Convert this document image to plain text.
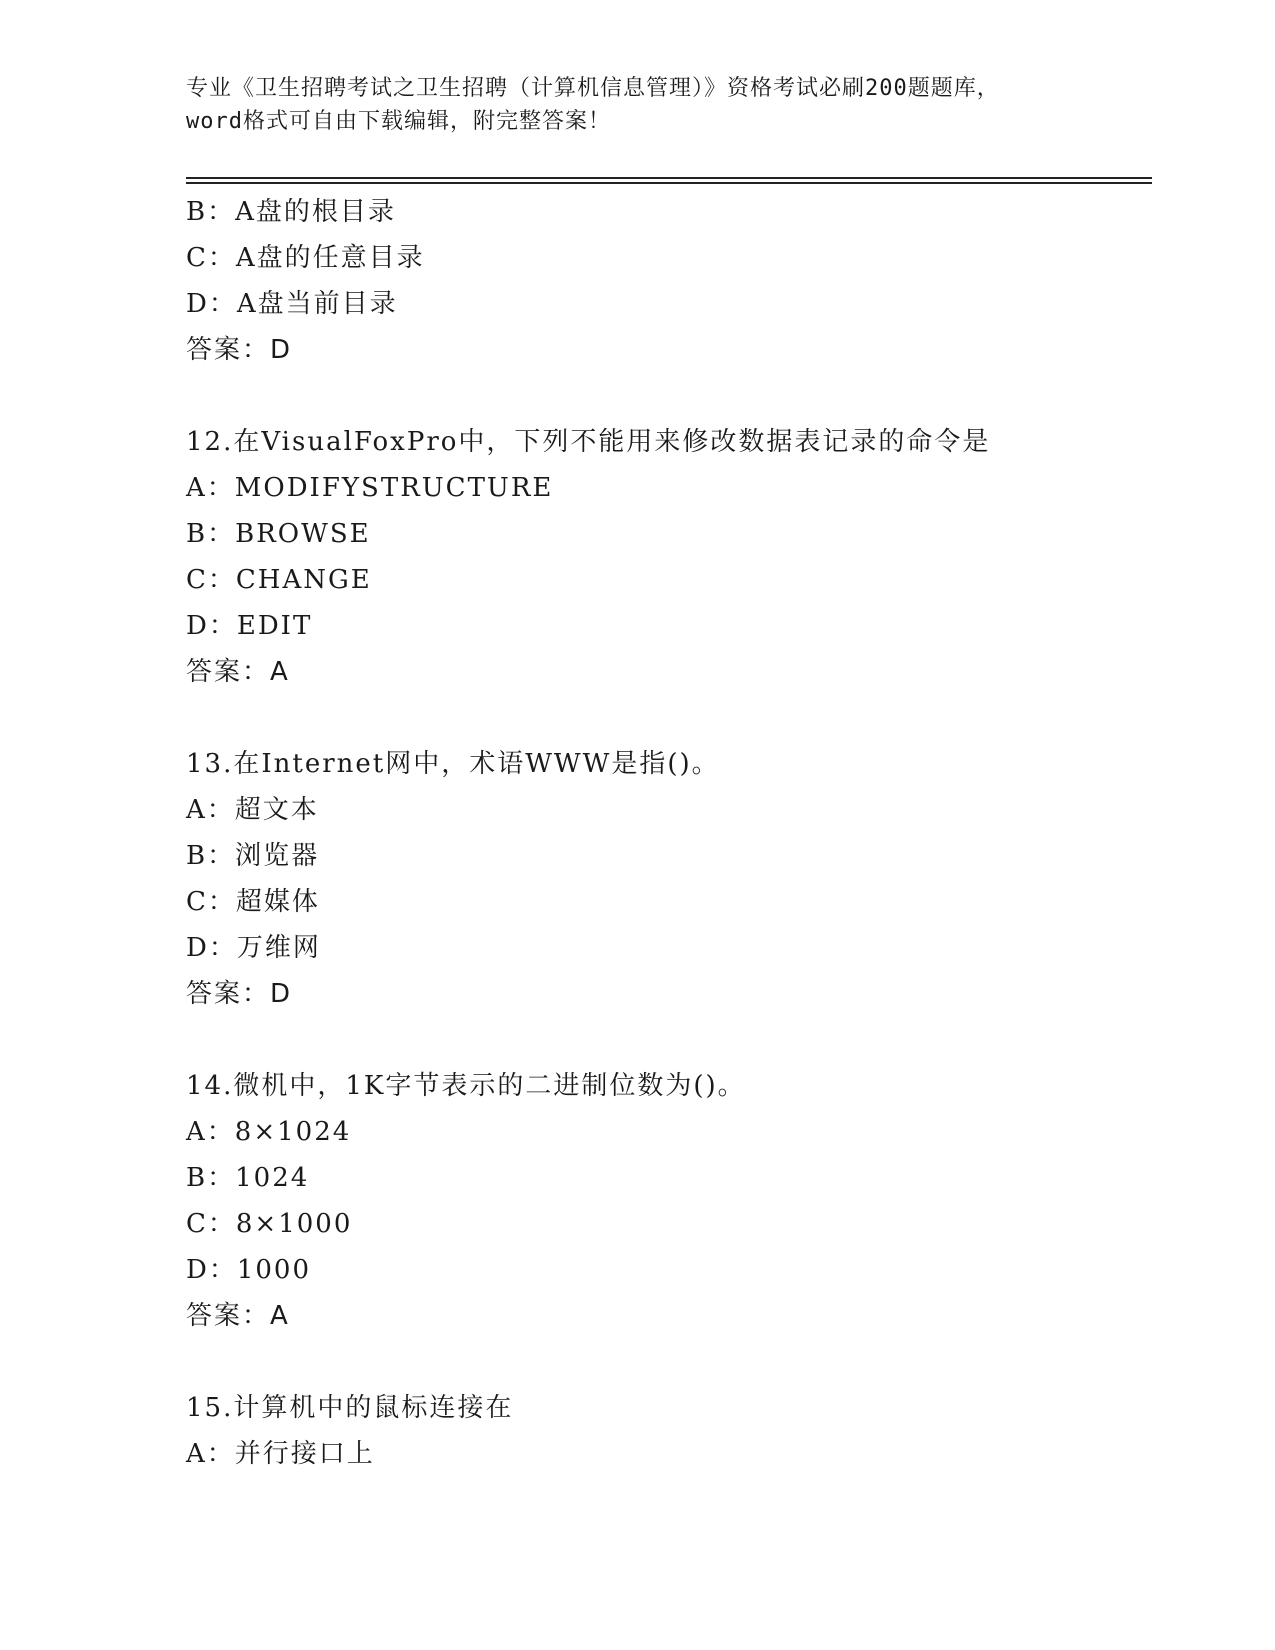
专业《卫生招聘考试之卫生招聘（计算机信息管理）》资格考试必刷200题题库，
word格式可自由下载编辑，附完整答案！
B：A盘的根目录
C：A盘的任意目录
D：A盘当前目录
答案：D
12.在VisualFoxPro中，下列不能用来修改数据表记录的命令是
A：MODIFYSTRUCTURE
B：BROWSE
C：CHANGE
D：EDIT
答案：A
13.在Internet网中，术语WWW是指()。
A：超文本
B：浏览器
C：超媒体
D：万维网
答案：D
14.微机中，1K字节表示的二进制位数为()。
A：8×1024
B：1024
C：8×1000
D：1000
答案：A
15.计算机中的鼠标连接在
A：并行接口上
